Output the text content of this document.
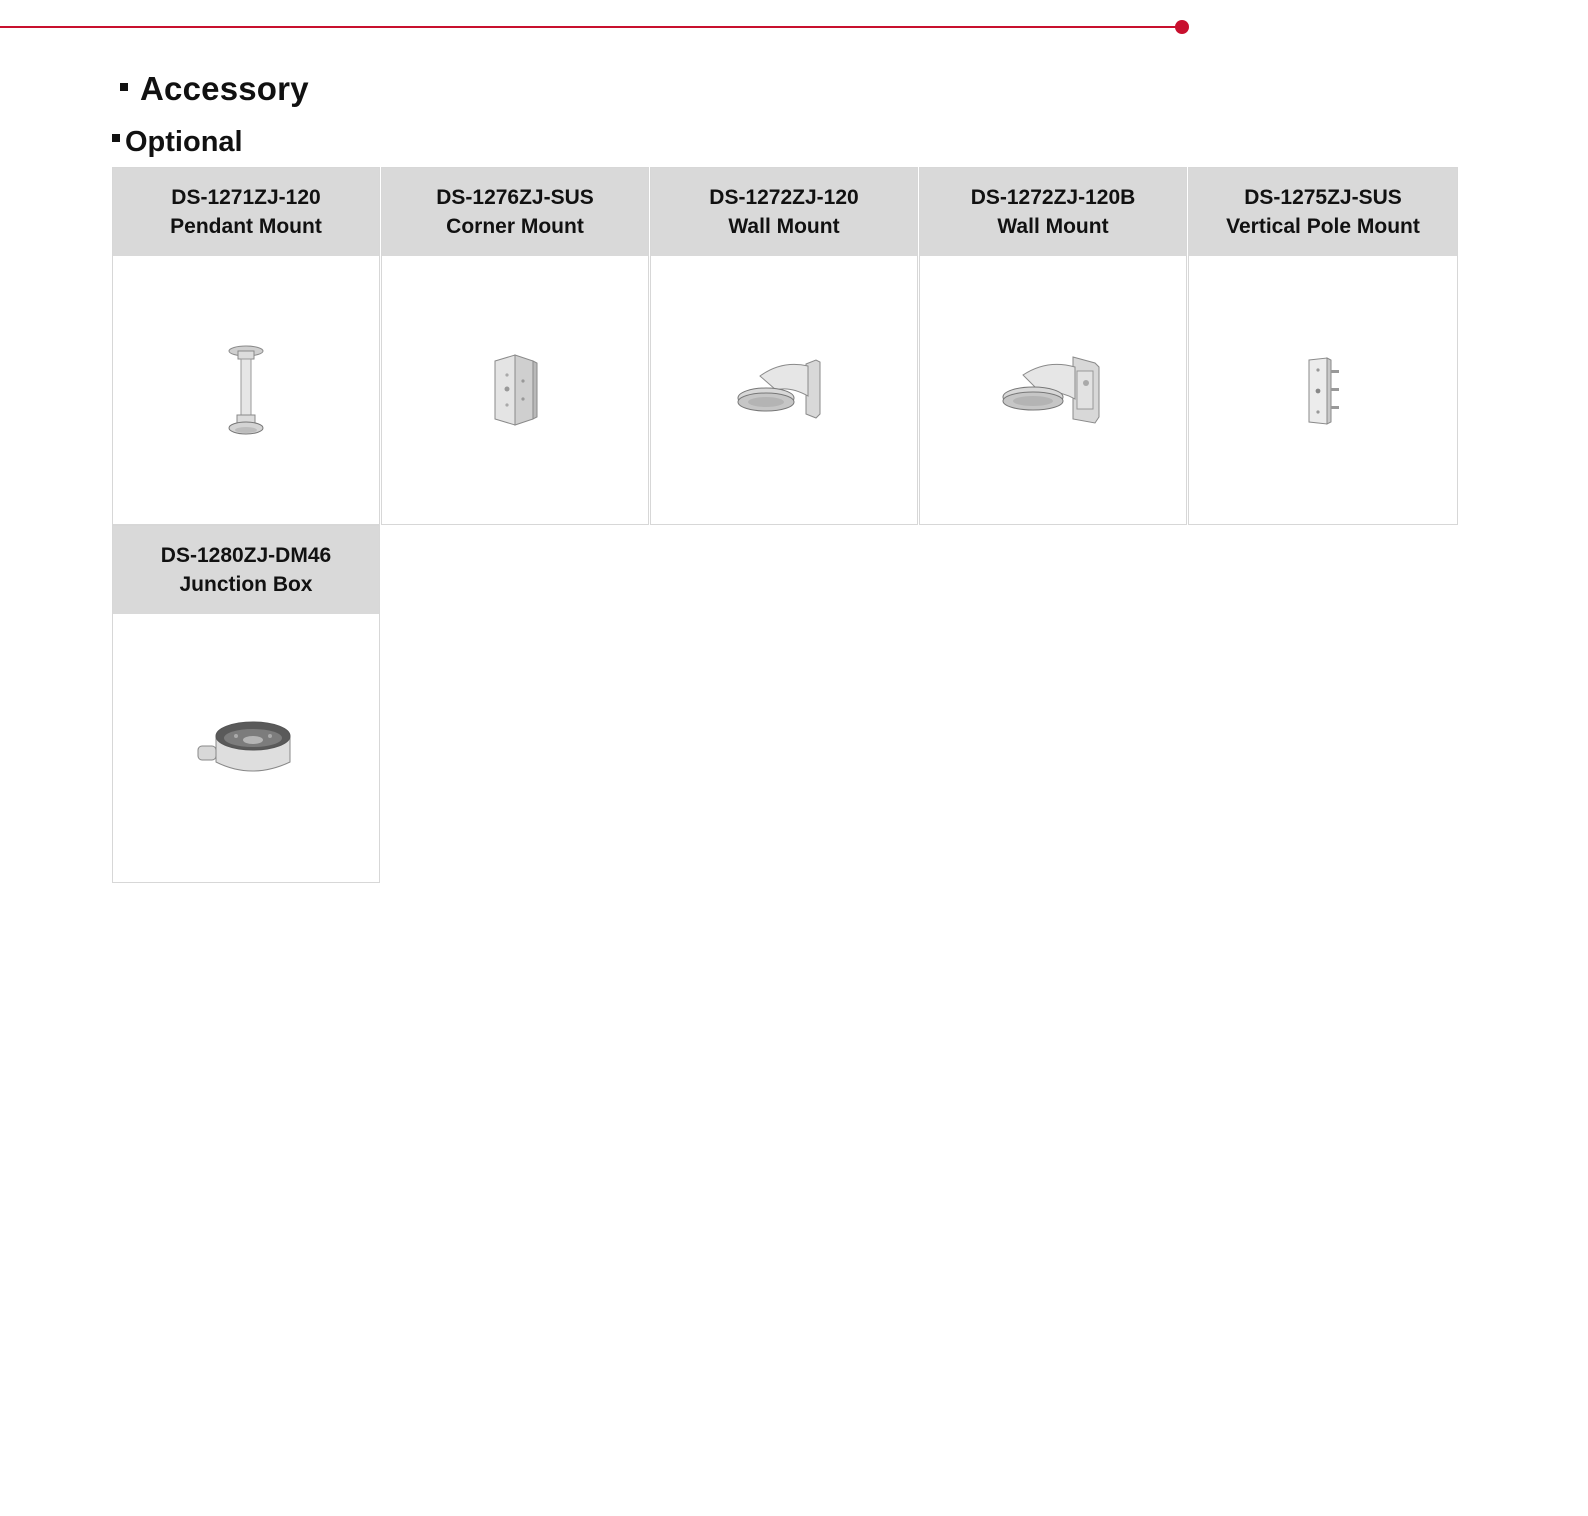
Accessory
Optional
DS-1271ZJ-120
Pendant Mount
DS-1276ZJ-SUS
Corner Mount
DS-1272ZJ-120
Wall Mount
DS-1272ZJ-120B
Wall Mount
DS-1275ZJ-SUS
Vertical Pole Mount
DS-1280ZJ-DM46
Junction Box
